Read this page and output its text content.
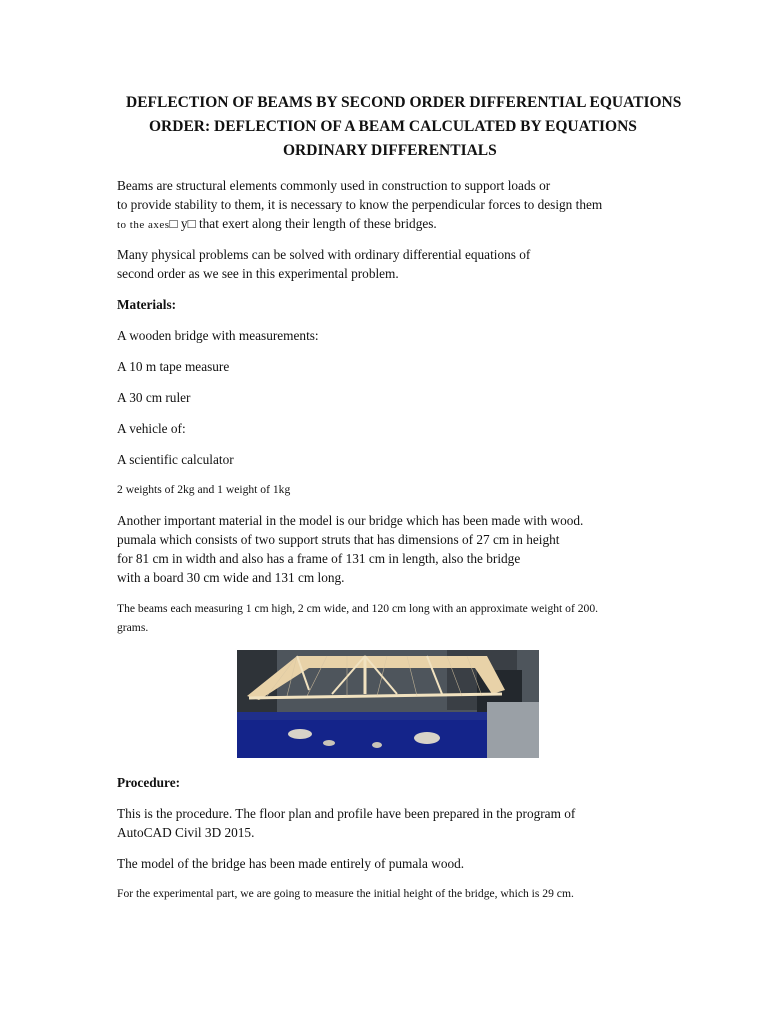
DEFLECTION OF BEAMS BY SECOND ORDER DIFFERENTIAL EQUATIONS
ORDER: DEFLECTION OF A BEAM CALCULATED BY EQUATIONS
ORDINARY DIFFERENTIALS
Beams are structural elements commonly used in construction to support loads or
to provide stability to them, it is necessary to know the perpendicular forces to design them
to the axes□ y□ that exert along their length of these bridges.
Many physical problems can be solved with ordinary differential equations of
second order as we see in this experimental problem.
Materials:
A wooden bridge with measurements:
A 10 m tape measure
A 30 cm ruler
A vehicle of:
A scientific calculator
2 weights of 2kg and 1 weight of 1kg
Another important material in the model is our bridge which has been made with wood.
pumala which consists of two support struts that has dimensions of 27 cm in height
for 81 cm in width and also has a frame of 131 cm in length, also the bridge
with a board 30 cm wide and 131 cm long.
The beams each measuring 1 cm high, 2 cm wide, and 120 cm long with an approximate weight of 200.
grams.
Procedure:
This is the procedure. The floor plan and profile have been prepared in the program of
AutoCAD Civil 3D 2015.
The model of the bridge has been made entirely of pumala wood.
For the experimental part, we are going to measure the initial height of the bridge, which is 29 cm.
